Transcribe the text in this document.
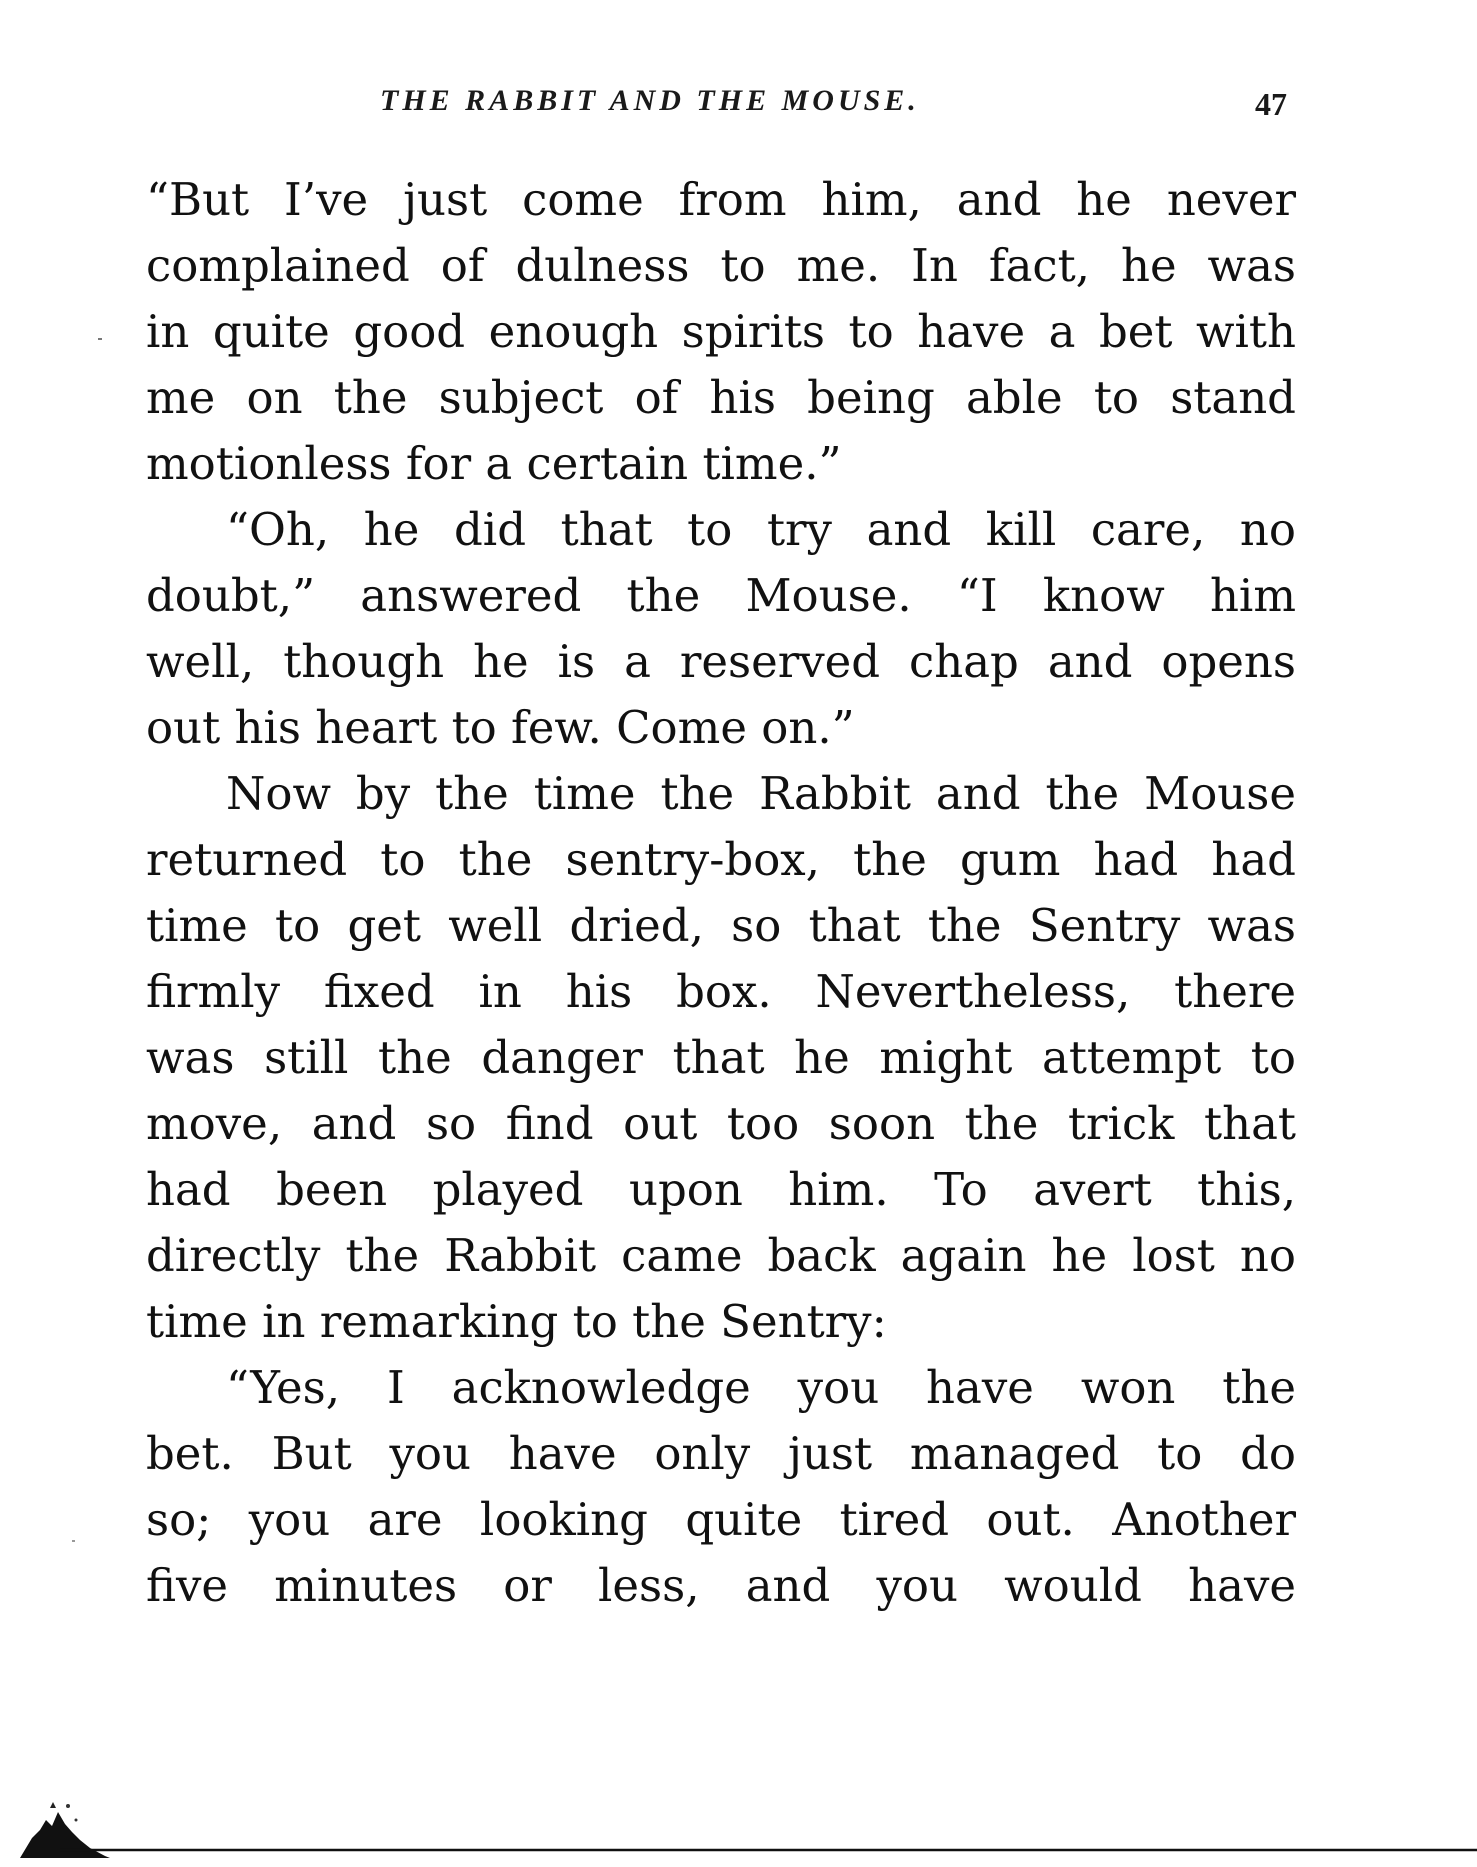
THE RABBIT AND THE MOUSE.	47
“But I’ve just come from him, and he never
complained of dulness to me. In fact, he was
in quite good enough spirits to have a bet with
me on the subject of his being able to stand
motionless for a certain time.”
“Oh, he did that to try and kill care, no
doubt,” answered the Mouse. “I know him
well, though he is a reserved chap and opens
out his heart to few. Come on.”
Now by the time the Rabbit and the Mouse
returned to the sentry-box, the gum had had
time to get well dried, so that the Sentry was
firmly fixed in his box. Nevertheless, there
was still the danger that he might attempt to
move, and so find out too soon the trick that
had been played upon him. To avert this,
directly the Rabbit came back again he lost no
time in remarking to the Sentry:
“Yes, I acknowledge you have won the
bet. But you have only just managed to do
so; you are looking quite tired out. Another
five minutes or less, and you would have
